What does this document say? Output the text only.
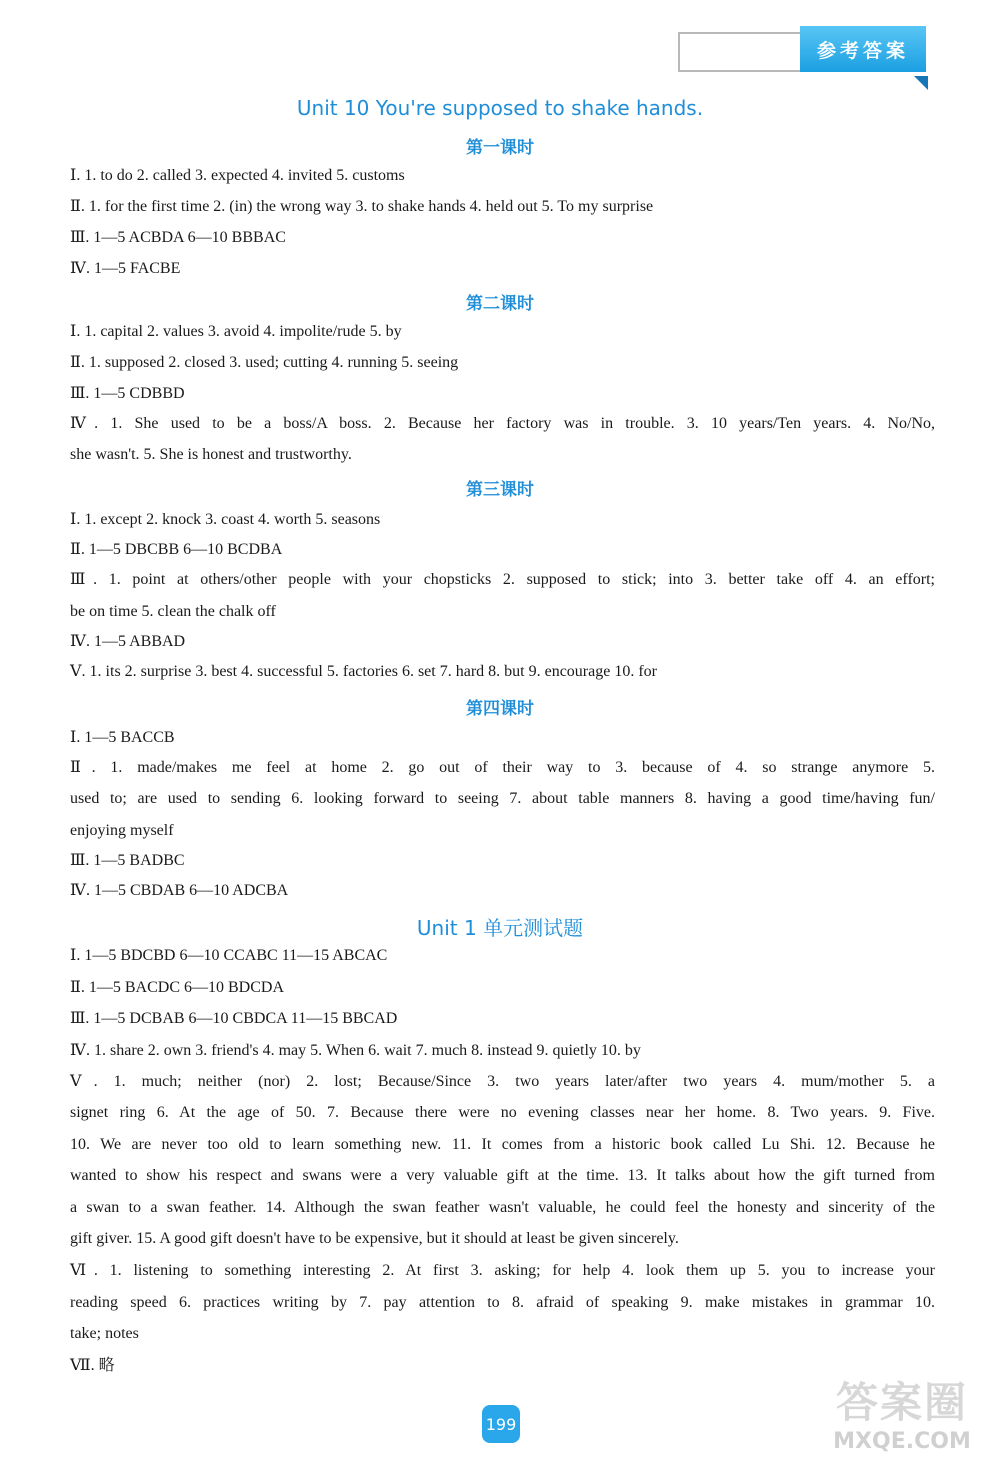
参考答案
Unit 10 You're supposed to shake hands.
第一课时
Ⅰ. 1. to do 2. called 3. expected 4. invited 5. customs
Ⅱ. 1. for the first time 2. (in) the wrong way 3. to shake hands 4. held out 5. To my surprise
Ⅲ. 1—5 ACBDA 6—10 BBBAC
Ⅳ. 1—5 FACBE
第二课时
Ⅰ. 1. capital 2. values 3. avoid 4. impolite/rude 5. by
Ⅱ. 1. supposed 2. closed 3. used; cutting 4. running 5. seeing
Ⅲ. 1—5 CDBBD
Ⅳ. 1. She used to be a boss/A boss. 2. Because her factory was in trouble. 3. 10 years/Ten years. 4. No/No,
she wasn't. 5. She is honest and trustworthy.
第三课时
Ⅰ. 1. except 2. knock 3. coast 4. worth 5. seasons
Ⅱ. 1—5 DBCBB 6—10 BCDBA
Ⅲ. 1. point at others/other people with your chopsticks 2. supposed to stick; into 3. better take off 4. an effort;
be on time 5. clean the chalk off
Ⅳ. 1—5 ABBAD
Ⅴ. 1. its 2. surprise 3. best 4. successful 5. factories 6. set 7. hard 8. but 9. encourage 10. for
第四课时
Ⅰ. 1—5 BACCB
Ⅱ. 1. made/makes me feel at home 2. go out of their way to 3. because of 4. so strange anymore 5.
used to; are used to sending 6. looking forward to seeing 7. about table manners 8. having a good time/having fun/
enjoying myself
Ⅲ. 1—5 BADBC
Ⅳ. 1—5 CBDAB 6—10 ADCBA
Unit 1 单元测试题
Ⅰ. 1—5 BDCBD 6—10 CCABC 11—15 ABCAC
Ⅱ. 1—5 BACDC 6—10 BDCDA
Ⅲ. 1—5 DCBAB 6—10 CBDCA 11—15 BBCAD
Ⅳ. 1. share 2. own 3. friend's 4. may 5. When 6. wait 7. much 8. instead 9. quietly 10. by
Ⅴ. 1. much; neither (nor) 2. lost; Because/Since 3. two years later/after two years 4. mum/mother 5. a
signet ring 6. At the age of 50. 7. Because there were no evening classes near her home. 8. Two years. 9. Five.
10. We are never too old to learn something new. 11. It comes from a historic book called Lu Shi. 12. Because he
wanted to show his respect and swans were a very valuable gift at the time. 13. It talks about how the gift turned from
a swan to a swan feather. 14. Although the swan feather wasn't valuable, he could feel the honesty and sincerity of the
gift giver. 15. A good gift doesn't have to be expensive, but it should at least be given sincerely.
Ⅵ. 1. listening to something interesting 2. At first 3. asking; for help 4. look them up 5. you to increase your
reading speed 6. practices writing by 7. pay attention to 8. afraid of speaking 9. make mistakes in grammar 10.
take; notes
Ⅶ. 略
199	答案圈
MXQE.COM
